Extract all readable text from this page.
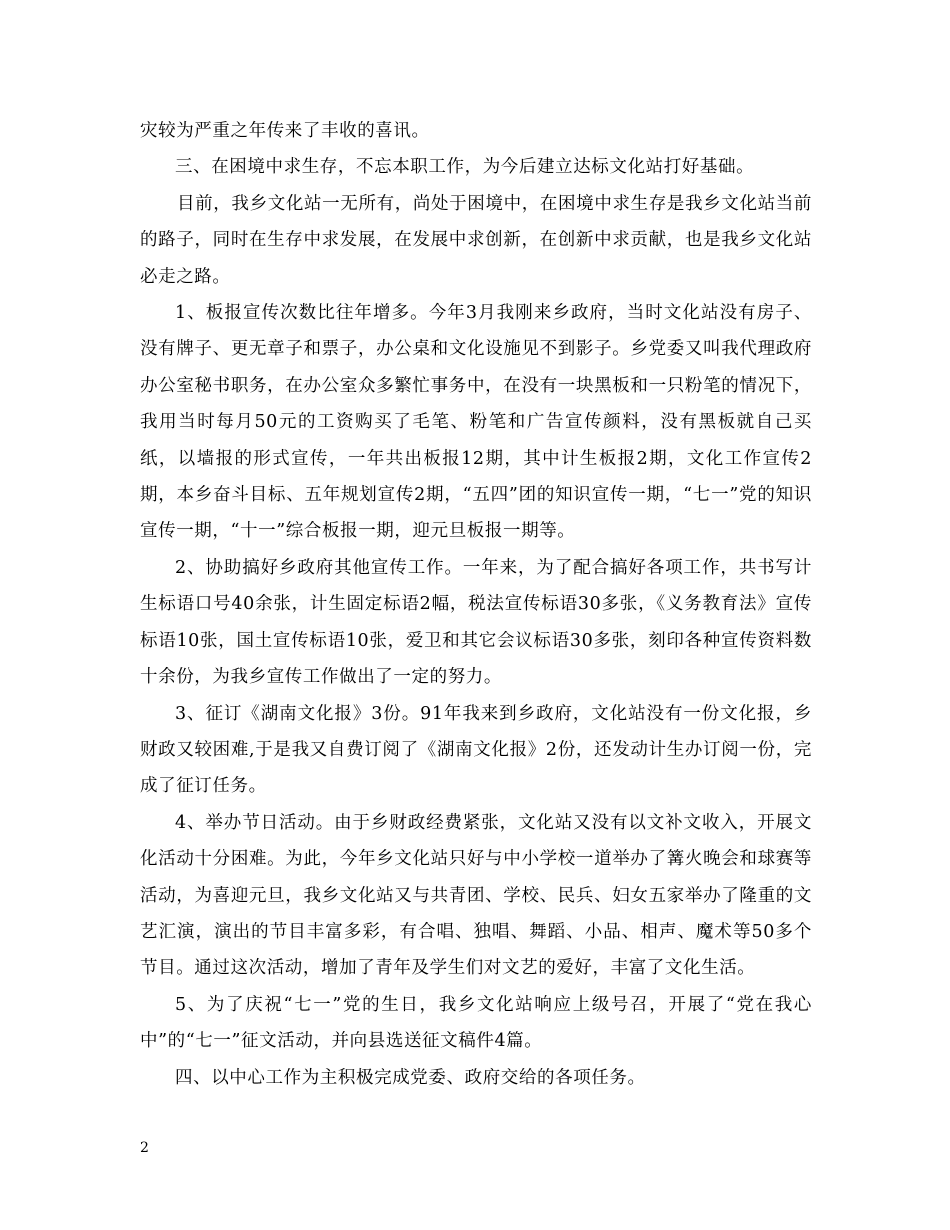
灾较为严重之年传来了丰收的喜讯。

三、在困境中求生存，不忘本职工作，为今后建立达标文化站打好基础。

目前，我乡文化站一无所有，尚处于困境中，在困境中求生存是我乡文化站当前的路子，同时在生存中求发展，在发展中求创新，在创新中求贡献，也是我乡文化站必走之路。

1、板报宣传次数比往年增多。今年3月我刚来乡政府，当时文化站没有房子、没有牌子、更无章子和票子，办公桌和文化设施见不到影子。乡党委又叫我代理政府办公室秘书职务，在办公室众多繁忙事务中，在没有一块黑板和一只粉笔的情况下，我用当时每月50元的工资购买了毛笔、粉笔和广告宣传颜料，没有黑板就自己买纸，以墙报的形式宣传，一年共出板报12期，其中计生板报2期，文化工作宣传2期，本乡奋斗目标、五年规划宣传2期，“五四”团的知识宣传一期，“七一”党的知识宣传一期，“十一”综合板报一期，迎元旦板报一期等。

2、协助搞好乡政府其他宣传工作。一年来，为了配合搞好各项工作，共书写计生标语口号40余张，计生固定标语2幅，税法宣传标语30多张，《义务教育法》宣传标语10张，国土宣传标语10张，爱卫和其它会议标语30多张，刻印各种宣传资料数十余份，为我乡宣传工作做出了一定的努力。

3、征订《湖南文化报》3份。91年我来到乡政府，文化站没有一份文化报，乡财政又较困难,于是我又自费订阅了《湖南文化报》2份，还发动计生办订阅一份，完成了征订任务。

4、举办节日活动。由于乡财政经费紧张，文化站又没有以文补文收入，开展文化活动十分困难。为此，今年乡文化站只好与中小学校一道举办了篝火晚会和球赛等活动，为喜迎元旦，我乡文化站又与共青团、学校、民兵、妇女五家举办了隆重的文艺汇演，演出的节目丰富多彩，有合唱、独唱、舞蹈、小品、相声、魔术等50多个节目。通过这次活动，增加了青年及学生们对文艺的爱好，丰富了文化生活。

5、为了庆祝“七一”党的生日，我乡文化站响应上级号召，开展了“党在我心中”的“七一”征文活动，并向县选送征文稿件4篇。

四、以中心工作为主积极完成党委、政府交给的各项任务。

2
